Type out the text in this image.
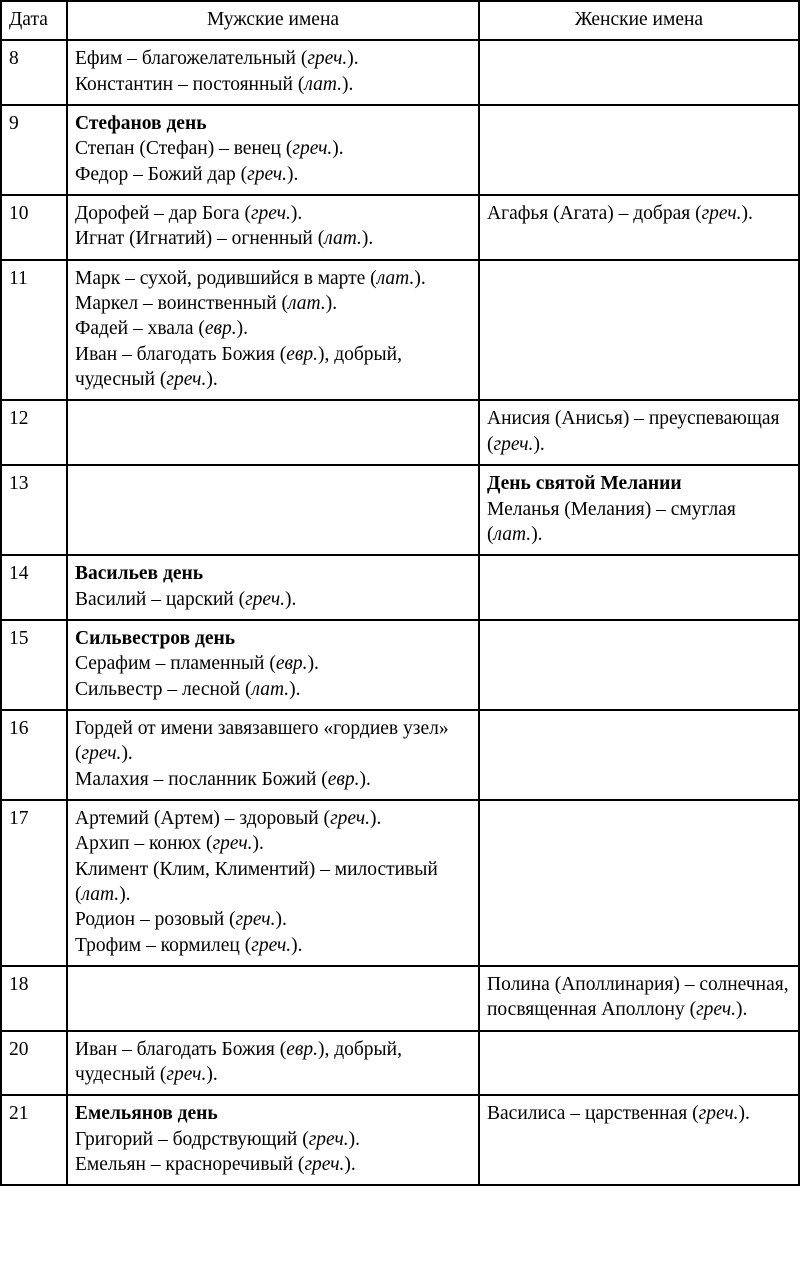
Дата	Мужские имена	Женские имена
8	Ефим – благожелательный (греч.).
Константин – постоянный (лат.).	

9	Стефанов день
Степан (Стефан) – венец (греч.).
Федор – Божий дар (греч.).	

10	Дорофей – дар Бога (греч.).
Игнат (Игнатий) – огненный (лат.).	Агафья (Агата) – добрая (греч.).

11	Марк – сухой, родившийся в марте (лат.).
Маркел – воинственный (лат.).
Фадей – хвала (евр.).
Иван – благодать Божия (евр.), добрый, чудесный (греч.).	

12		Анисия (Анисья) – преуспевающая (греч.).

13		День святой Мелании
Меланья (Мелания) – смуглая (лат.).

14	Васильев день
Василий – царский (греч.).	

15	Сильвестров день
Серафим – пламенный (евр.).
Сильвестр – лесной (лат.).	

16	Гордей от имени завязавшего «гордиев узел» (греч.).
Малахия – посланник Божий (евр.).	

17	Артемий (Артем) – здоровый (греч.).
Архип – конюх (греч.).
Климент (Клим, Климентий) – милостивый (лат.).
Родион – розовый (греч.).
Трофим – кормилец (греч.).	

18		Полина (Аполлинария) – солнечная, посвященная Аполлону (греч.).

20	Иван – благодать Божия (евр.), добрый, чудесный (греч.).	

21	Емельянов день
Григорий – бодрствующий (греч.).
Емельян – красноречивый (греч.).	Василиса – царственная (греч.).
